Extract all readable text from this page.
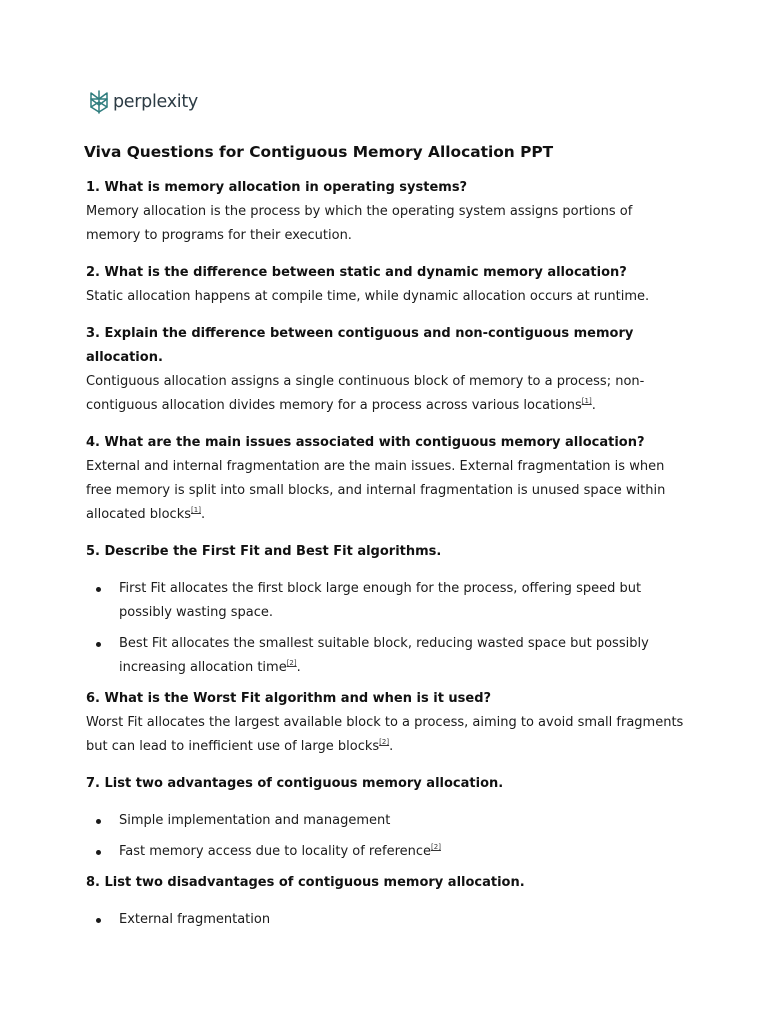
perplexity
Viva Questions for Contiguous Memory Allocation PPT

1. What is memory allocation in operating systems?

Memory allocation is the process by which the operating system assigns portions of memory to programs for their execution.

2. What is the difference between static and dynamic memory allocation?

Static allocation happens at compile time, while dynamic allocation occurs at runtime.

3. Explain the difference between contiguous and non-contiguous memory allocation.

Contiguous allocation assigns a single continuous block of memory to a process; non-contiguous allocation divides memory for a process across various locations[1].

4. What are the main issues associated with contiguous memory allocation?

External and internal fragmentation are the main issues. External fragmentation is when free memory is split into small blocks, and internal fragmentation is unused space within allocated blocks[1].

5. Describe the First Fit and Best Fit algorithms.

First Fit allocates the first block large enough for the process, offering speed but possibly wasting space.
Best Fit allocates the smallest suitable block, reducing wasted space but possibly increasing allocation time[2].

6. What is the Worst Fit algorithm and when is it used?

Worst Fit allocates the largest available block to a process, aiming to avoid small fragments but can lead to inefficient use of large blocks[2].

7. List two advantages of contiguous memory allocation.

Simple implementation and management
Fast memory access due to locality of reference[2]

8. List two disadvantages of contiguous memory allocation.

External fragmentation
